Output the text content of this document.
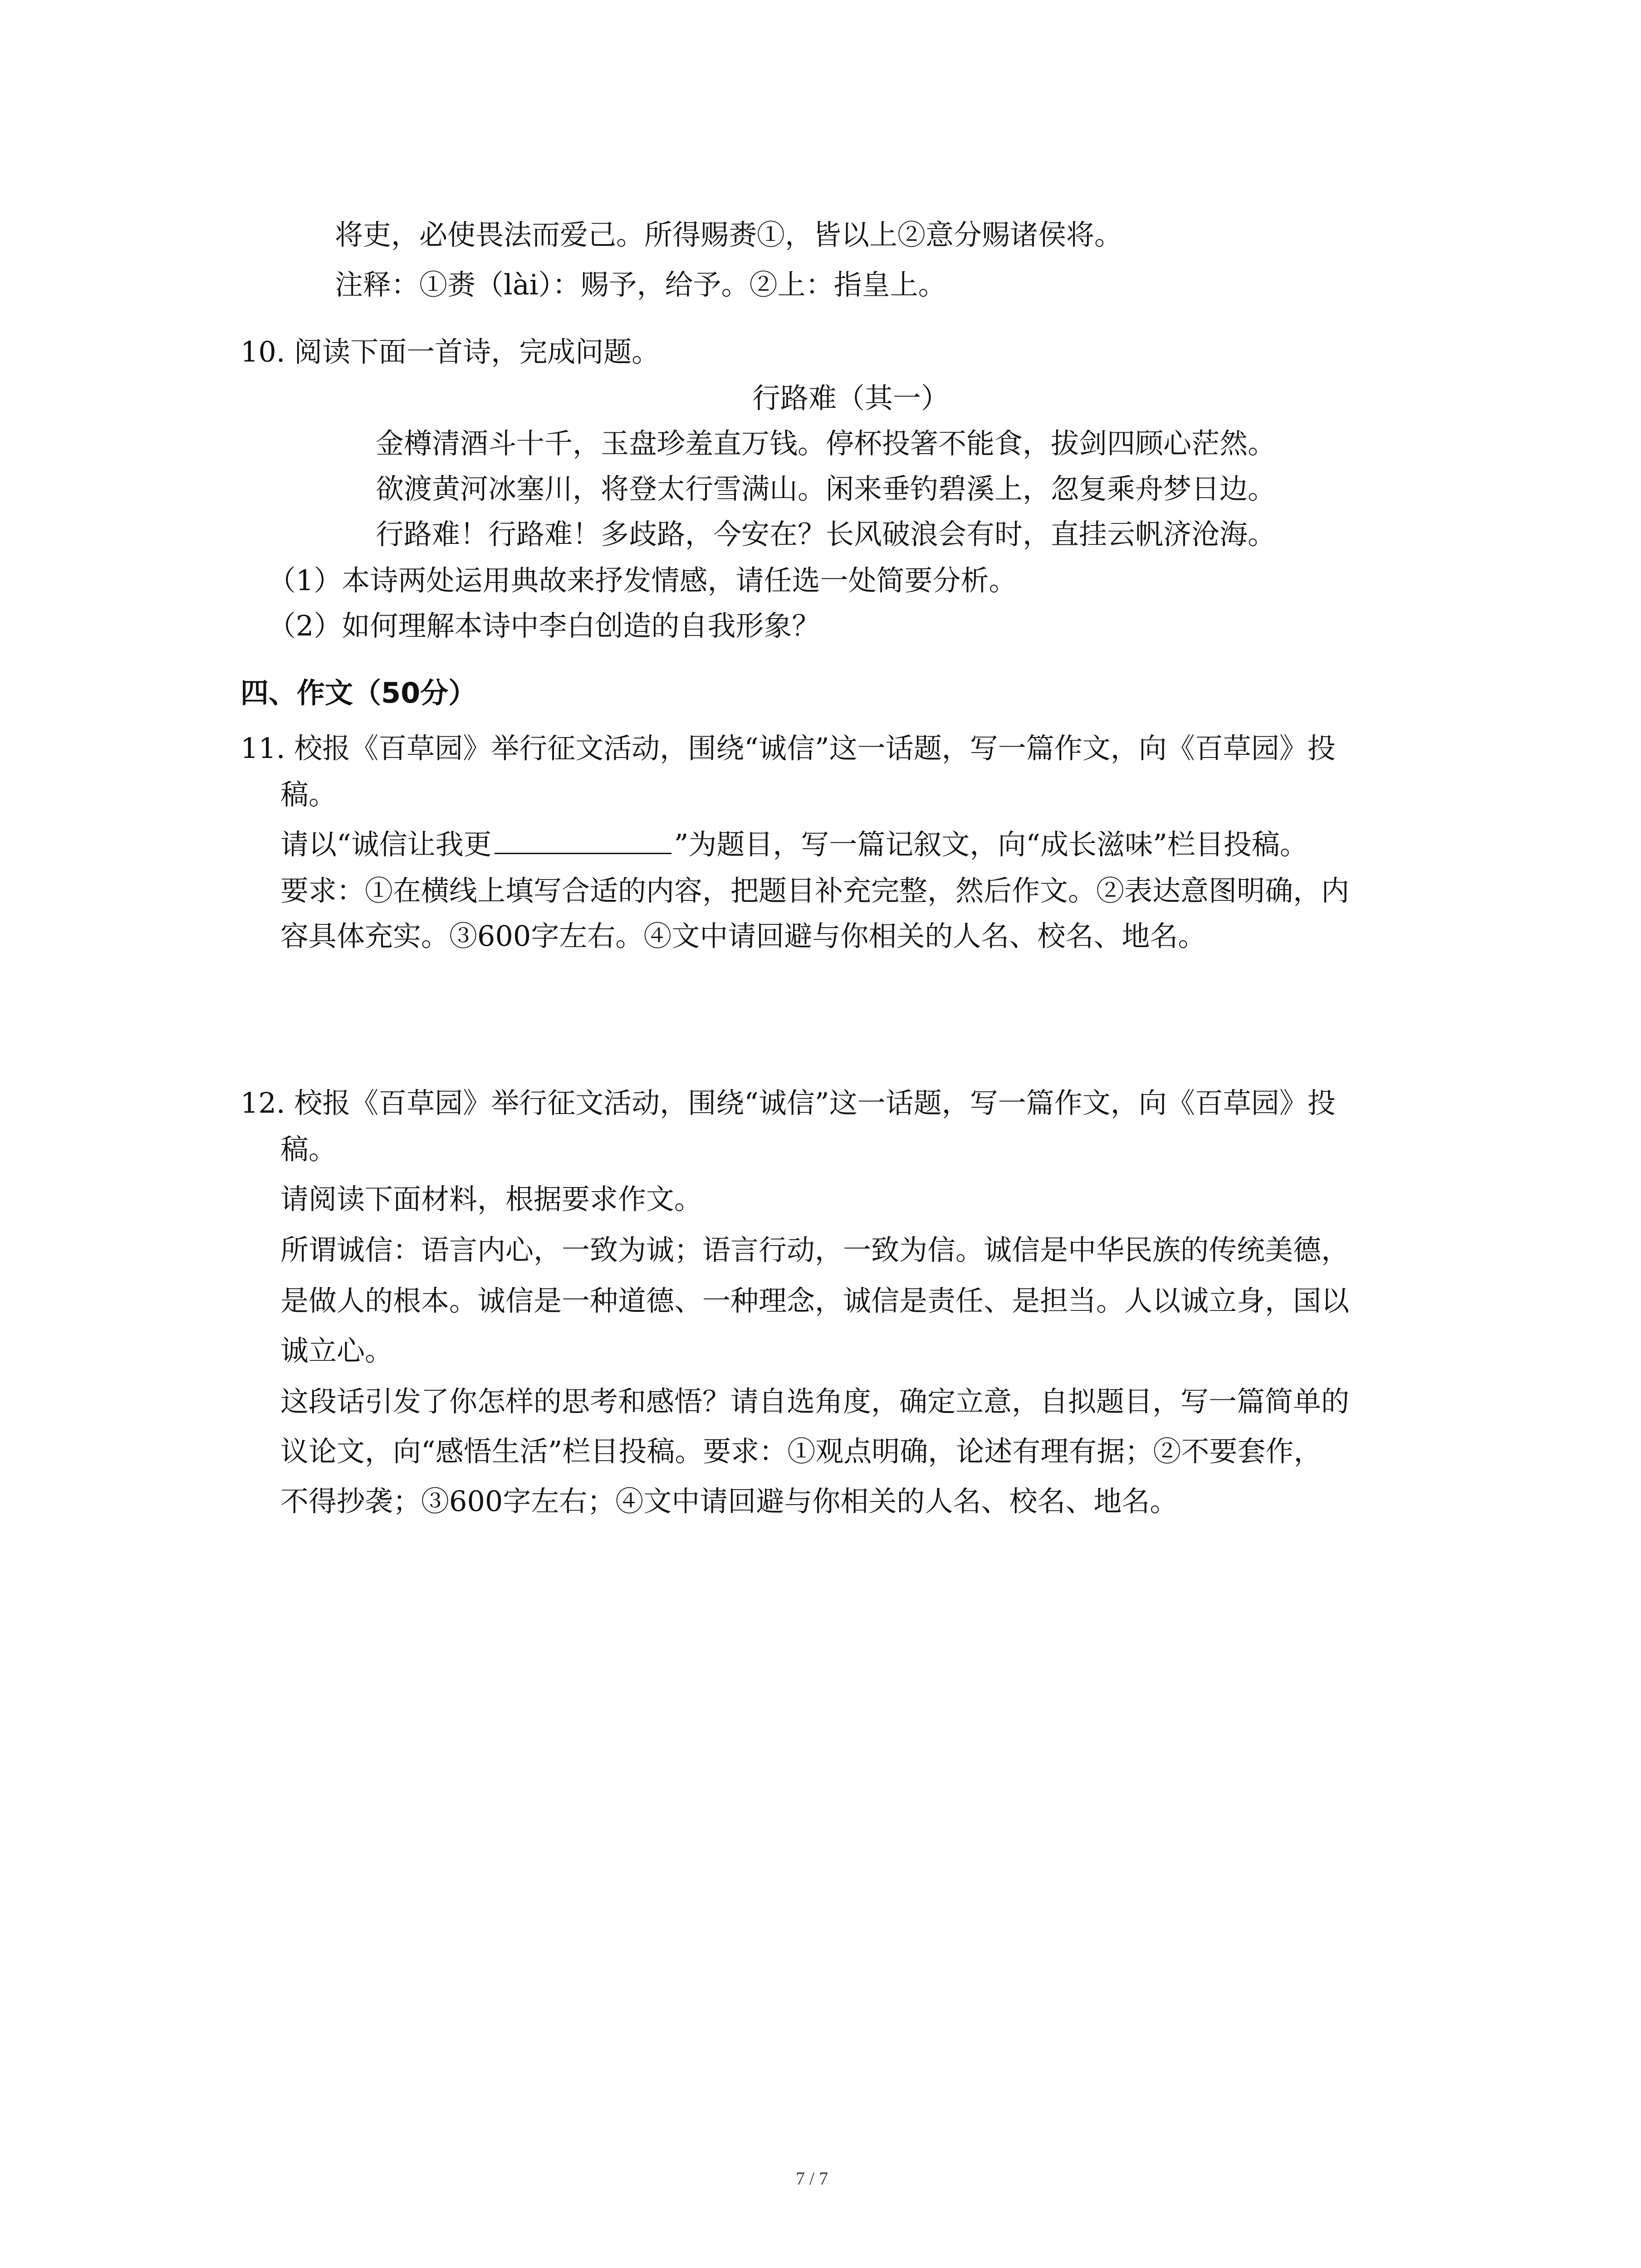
将吏，必使畏法而爱己。所得赐赉①，皆以上②意分赐诸侯将。
注释：①赉（lài）：赐予，给予。②上：指皇上。
10. 阅读下面一首诗，完成问题。
行路难（其一）
金樽清酒斗十千，玉盘珍羞直万钱。停杯投箸不能食，拔剑四顾心茫然。
欲渡黄河冰塞川，将登太行雪满山。闲来垂钓碧溪上，忽复乘舟梦日边。
行路难！行路难！多歧路，今安在？长风破浪会有时，直挂云帆济沧海。
（1）本诗两处运用典故来抒发情感，请任选一处简要分析。
（2）如何理解本诗中李白创造的自我形象？
四、作文（50分）
11. 校报《百草园》举行征文活动，围绕“诚信”这一话题，写一篇作文，向《百草园》投
稿。
请以“诚信让我更	”为题目，写一篇记叙文，向“成长滋味”栏目投稿。
要求：①在横线上填写合适的内容，把题目补充完整，然后作文。②表达意图明确，内
容具体充实。③600字左右。④文中请回避与你相关的人名、校名、地名。
12. 校报《百草园》举行征文活动，围绕“诚信”这一话题，写一篇作文，向《百草园》投
稿。
请阅读下面材料，根据要求作文。
所谓诚信：语言内心，一致为诚；语言行动，一致为信。诚信是中华民族的传统美德，
是做人的根本。诚信是一种道德、一种理念，诚信是责任、是担当。人以诚立身，国以
诚立心。
这段话引发了你怎样的思考和感悟？请自选角度，确定立意，自拟题目，写一篇简单的
议论文，向“感悟生活”栏目投稿。要求：①观点明确，论述有理有据；②不要套作，
不得抄袭；③600字左右；④文中请回避与你相关的人名、校名、地名。
7 / 7
